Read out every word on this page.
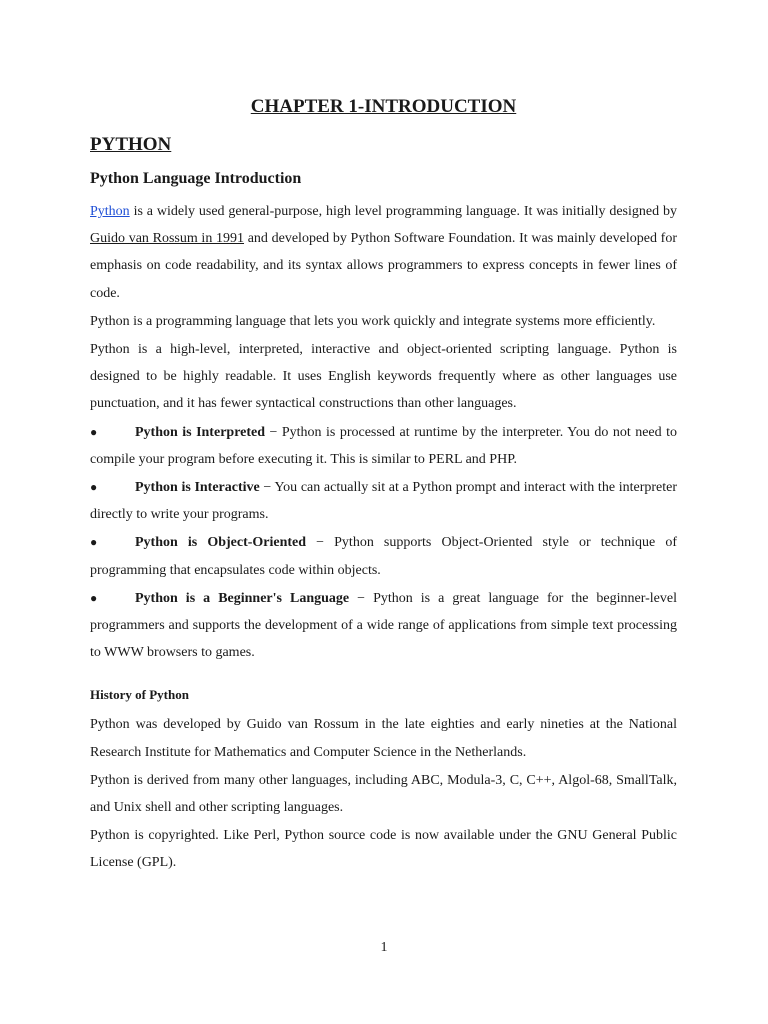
CHAPTER 1-INTRODUCTION
PYTHON
Python Language Introduction

Python is a widely used general-purpose, high level programming language. It was initially designed by Guido van Rossum in 1991 and developed by Python Software Foundation. It was mainly developed for emphasis on code readability, and its syntax allows programmers to express concepts in fewer lines of code.

Python is a programming language that lets you work quickly and integrate systems more efficiently.

Python is a high-level, interpreted, interactive and object-oriented scripting language. Python is designed to be highly readable. It uses English keywords frequently where as other languages use punctuation, and it has fewer syntactical constructions than other languages.

●	Python is Interpreted − Python is processed at runtime by the interpreter. You do not need to compile your program before executing it. This is similar to PERL and PHP.

●	Python is Interactive − You can actually sit at a Python prompt and interact with the interpreter directly to write your programs.

●	Python is Object-Oriented − Python supports Object-Oriented style or technique of programming that encapsulates code within objects.

●	Python is a Beginner's Language − Python is a great language for the beginner-level programmers and supports the development of a wide range of applications from simple text processing to WWW browsers to games.

History of Python

Python was developed by Guido van Rossum in the late eighties and early nineties at the National Research Institute for Mathematics and Computer Science in the Netherlands.

Python is derived from many other languages, including ABC, Modula-3, C, C++, Algol-68, SmallTalk, and Unix shell and other scripting languages.

Python is copyrighted. Like Perl, Python source code is now available under the GNU General Public License (GPL).

1
